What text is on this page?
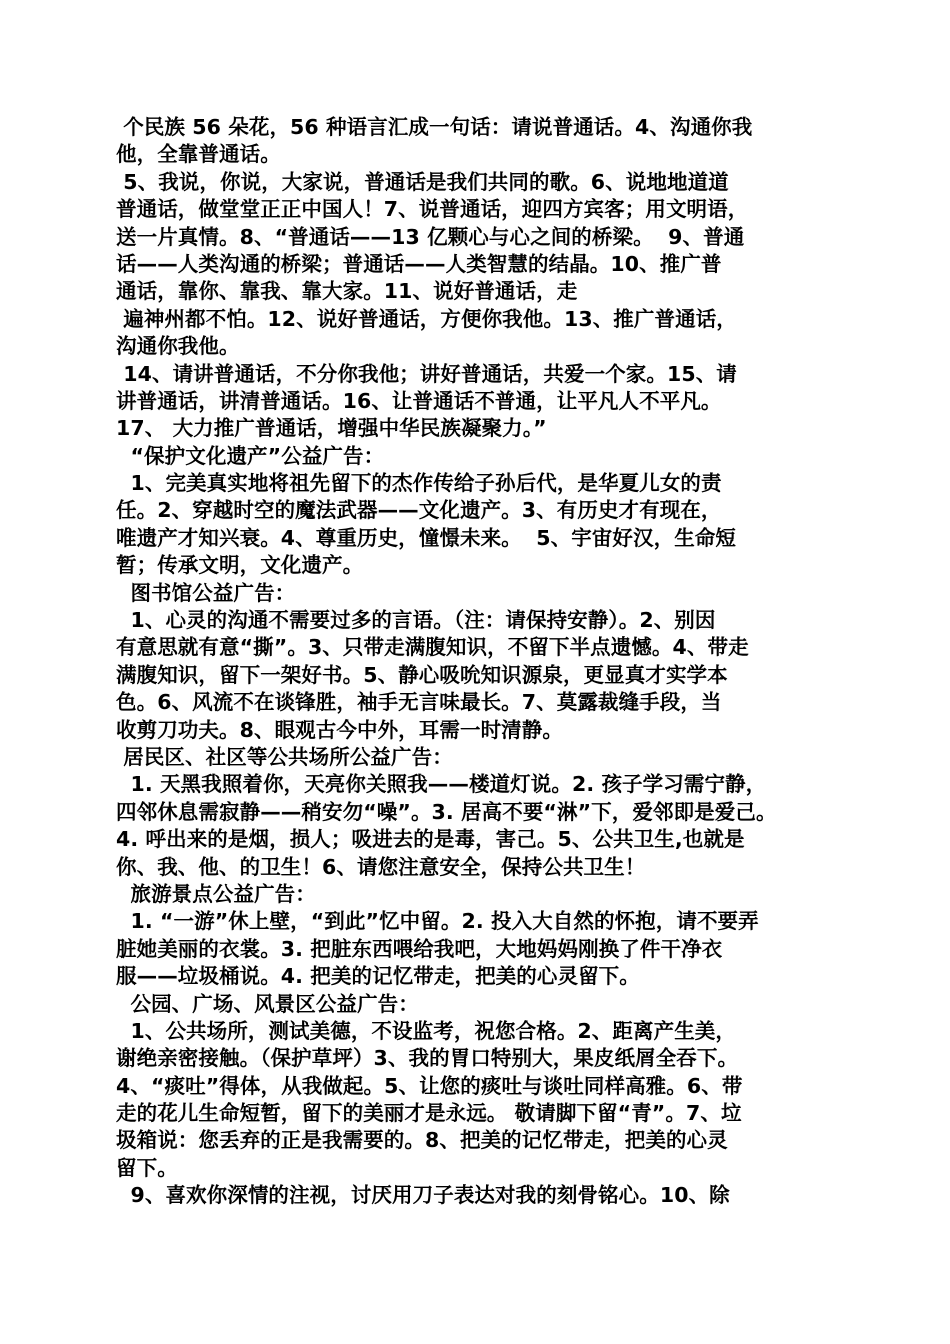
个民族 56 朵花，56 种语言汇成一句话：请说普通话。4、沟通你我
他，全靠普通话。
5、我说，你说，大家说，普通话是我们共同的歌。6、说地地道道
普通话，做堂堂正正中国人！7、说普通话，迎四方宾客；用文明语，
送一片真情。8、“普通话——13 亿颗心与心之间的桥梁。  9、普通
话——人类沟通的桥梁；普通话——人类智慧的结晶。10、推广普
通话，靠你、靠我、靠大家。11、说好普通话，走
遍神州都不怕。12、说好普通话，方便你我他。13、推广普通话，
沟通你我他。
14、请讲普通话，不分你我他；讲好普通话，共爱一个家。15、请
讲普通话，讲清普通话。16、让普通话不普通，让平凡人不平凡。
17、 大力推广普通话，增强中华民族凝聚力。”
“保护文化遗产”公益广告：
1、完美真实地将祖先留下的杰作传给子孙后代，是华夏儿女的责
任。2、穿越时空的魔法武器——文化遗产。3、有历史才有现在，
唯遗产才知兴衰。4、尊重历史，憧憬未来。  5、宇宙好汉，生命短
暂；传承文明，文化遗产。
图书馆公益广告：
1、心灵的沟通不需要过多的言语。（注：请保持安静）。2、别因
有意思就有意“撕”。3、只带走满腹知识，不留下半点遗憾。4、带走
满腹知识，留下一架好书。5、静心吸吮知识源泉，更显真才实学本
色。6、风流不在谈锋胜，袖手无言味最长。7、莫露裁缝手段，当
收剪刀功夫。8、眼观古今中外，耳需一时清静。
居民区、社区等公共场所公益广告：
1. 天黑我照着你，天亮你关照我——楼道灯说。2. 孩子学习需宁静，
四邻休息需寂静——稍安勿“噪”。3. 居高不要“淋”下，爱邻即是爱己。
4. 呼出来的是烟，损人；吸进去的是毒，害己。5、公共卫生,也就是
你、我、他、的卫生！6、请您注意安全，保持公共卫生！
旅游景点公益广告：
1. “一游”休上壁，“到此”忆中留。2. 投入大自然的怀抱，请不要弄
脏她美丽的衣裳。3. 把脏东西喂给我吧，大地妈妈刚换了件干净衣
服——垃圾桶说。4. 把美的记忆带走，把美的心灵留下。
公园、广场、风景区公益广告：
1、公共场所，测试美德，不设监考，祝您合格。2、距离产生美，
谢绝亲密接触。（保护草坪）3、我的胃口特别大，果皮纸屑全吞下。
4、“痰吐”得体，从我做起。5、让您的痰吐与谈吐同样高雅。6、带
走的花儿生命短暂，留下的美丽才是永远。 敬请脚下留“青”。7、垃
圾箱说：您丢弃的正是我需要的。8、把美的记忆带走，把美的心灵
留下。
9、喜欢你深情的注视，讨厌用刀子表达对我的刻骨铭心。10、除
